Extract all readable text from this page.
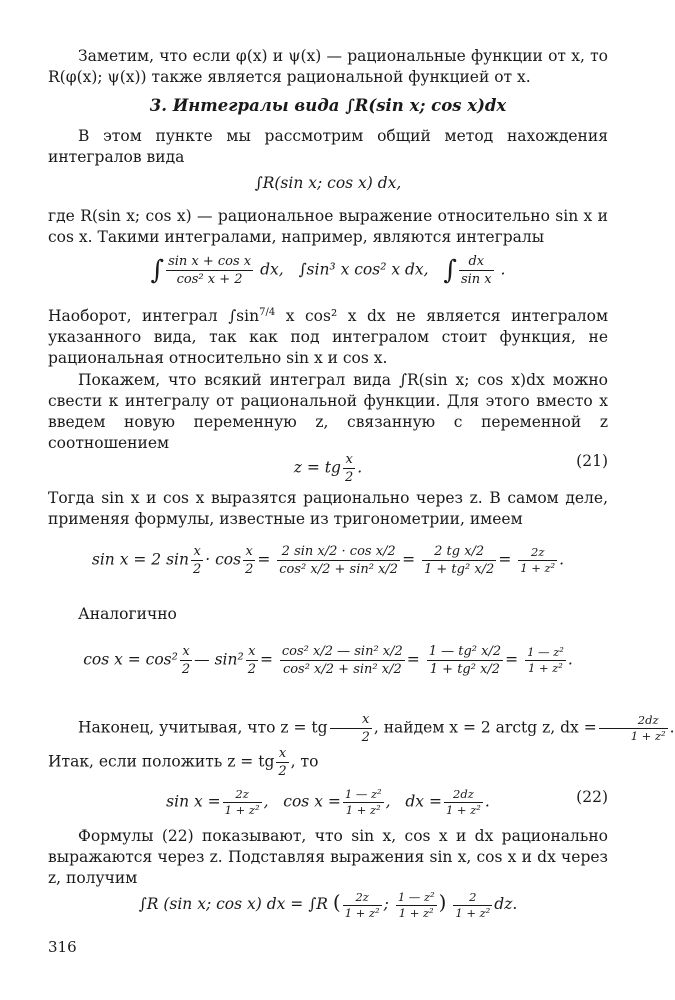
Заметим, что если φ(x) и ψ(x) — рациональные функции от x, то R(φ(x); ψ(x)) также является рациональной функцией от x.

3. Интегралы вида ∫R(sin x; cos x)dx

В этом пункте мы рассмотрим общий метод нахождения интегралов вида

∫R(sin x; cos x) dx,

где R(sin x; cos x) — рациональное выражение относительно sin x и cos x. Такими интегралами, например, являются интегралы

∫ $\frac{\text{sin x + cos x}}{\text{cos² x + 2}}$ dx, ∫sin³ x cos² x dx, ∫ $\frac{dx}{\text{sin x}}$ .

Наоборот, интеграл $\int\sin^{7/4}$ x cos² x dx не является интегралом указанного вида, так как под интегралом стоит функция, не рациональная относительно sin x и cos x.

Покажем, что всякий интеграл вида ∫R(sin x; cos x)dx можно свести к интегралу от рациональной функции. Для этого вместо x введем новую переменную z, связанную с переменной z соотношением

z = tg $\frac{x}{2}$ .	(21)

Тогда sin x и cos x выразятся рационально через z. В самом деле, применяя формулы, известные из тригонометрии, имеем

sin x = 2 $\sin \frac{x}{2} \cdot \cos \frac{x}{2} = \frac{\text{2 sin x/2 · cos x/2}}{\text{cos² x/2 + sin² x/2}} = \frac{\text{2 tg x/2}}{\text{1 + tg² x/2}} = \frac{2z}{\text{1 + z²}}$ .
Аналогично
$\cos x = \cos^2 \frac{x}{2}$ — $\sin^2 \frac{x}{2} = \frac{\text{cos² x/2 — sin² x/2}}{\text{cos² x/2 + sin² x/2}} = \frac{\text{1 — tg² x/2}}{\text{1 + tg² x/2}} = \frac{\text{1 — z²}}{\text{1 + z²}}$ .
Наконец, учитывая, что z = tg $\frac{x}{2}$ , найдем x = 2 arctg z, dx = $\frac{2dz}{\text{1 + z²}}$ .
Итак, если положить z = tg $\frac{x}{2}$ , то
$\sin x = \frac{2z}{\text{1 + z²}}$ ,   $\cos x = \frac{\text{1 — z²}}{\text{1 + z²}}$ ,   dx = $\frac{2dz}{\text{1 + z²}}$ .	(22)

Формулы (22) показывают, что sin x, cos x и dx рационально выражаются через z. Подставляя выражения sin x, cos x и dx через z, получим

∫R (sin x; cos x) dx = ∫R ( $\frac{2z}{\text{1 + z²}}$ ; $\frac{\text{1 — z²}}{\text{1 + z²}}$ ) $\frac{2}{\text{1 + z²}}$ dz.
316
